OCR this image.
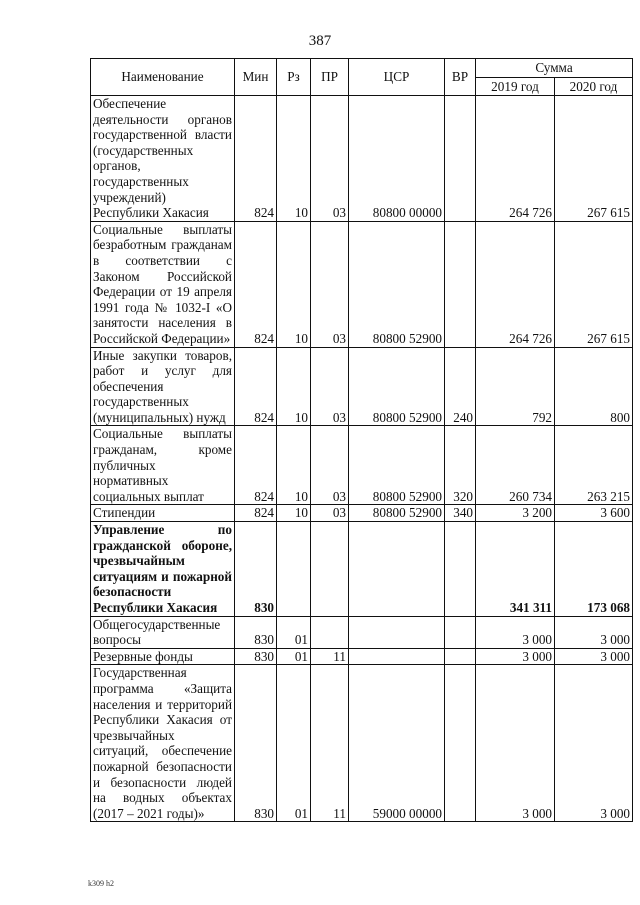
387
Наименование	Мин	Рз	ПР	ЦСР	ВР	Сумма	
						2019 год	2020 год
Обеспечение деятельности органов государственной власти (государственных органов, государственных учреждений) Республики Хакасия	824	10	03	80800 00000		264 726	267 615
Социальные выплаты безработным гражданам в соответствии с Законом Российской Федерации от 19 апреля 1991 года № 1032-I «О занятости населения в Российской Федерации»	824	10	03	80800 52900		264 726	267 615
Иные закупки товаров, работ и услуг для обеспечения государственных (муниципальных) нужд	824	10	03	80800 52900	240	792	800
Социальные выплаты гражданам, кроме публичных нормативных социальных выплат	824	10	03	80800 52900	320	260 734	263 215
Стипендии	824	10	03	80800 52900	340	3 200	3 600
Управление по гражданской обороне, чрезвычайным ситуациям и пожарной безопасности Республики Хакасия	830					341 311	173 068
Общегосударственные вопросы	830	01				3 000	3 000
Резервные фонды	830	01	11			3 000	3 000
Государственная программа «Защита населения и территорий Республики Хакасия от чрезвычайных ситуаций, обеспечение пожарной безопасности и безопасности людей на водных объектах (2017 – 2021 годы)»	830	01	11	59000 00000		3 000	3 000
k309 h2
